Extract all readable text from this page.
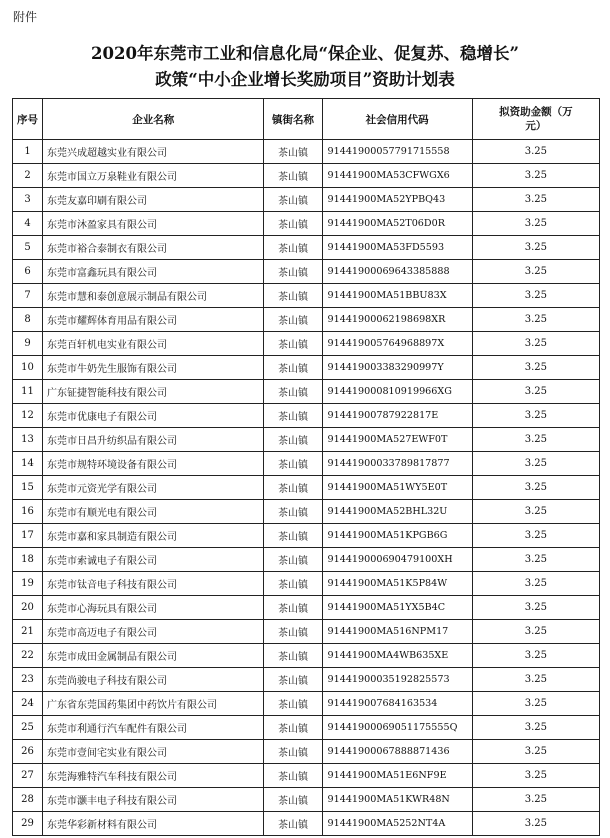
附件
2020年东莞市工业和信息化局“保企业、促复苏、稳增长”
政策“中小企业增长奖励项目”资助计划表
序号	企业名称	镇街名称	社会信用代码	拟资助金额（万元）
1	东莞兴成超越实业有限公司	茶山镇	91441900057791715558	3.25
2	东莞市国立万泉鞋业有限公司	茶山镇	91441900MA53CFWGX6	3.25
3	东莞友嘉印刷有限公司	茶山镇	91441900MA52YPBQ43	3.25
4	东莞市沐盈家具有限公司	茶山镇	91441900MA52T06D0R	3.25
5	东莞市裕合泰制衣有限公司	茶山镇	91441900MA53FD5593	3.25
6	东莞市富鑫玩具有限公司	茶山镇	91441900069643385888	3.25
7	东莞市慧和泰创意展示制品有限公司	茶山镇	91441900MA51BBU83X	3.25
8	东莞市耀辉体育用品有限公司	茶山镇	91441900062198698XR	3.25
9	东莞百轩机电实业有限公司	茶山镇	914419005764968897X	3.25
10	东莞市牛奶先生服饰有限公司	茶山镇	914419003383290997Y	3.25
11	广东钲捷智能科技有限公司	茶山镇	914419000810919966XG	3.25
12	东莞市优康电子有限公司	茶山镇	91441900787922817E	3.25
13	东莞市日昌升纺织品有限公司	茶山镇	91441900MA527EWF0T	3.25
14	东莞市规特环境设备有限公司	茶山镇	91441900033789817877	3.25
15	东莞市元资光学有限公司	茶山镇	91441900MA51WY5E0T	3.25
16	东莞市有顺光电有限公司	茶山镇	91441900MA52BHL32U	3.25
17	东莞市嘉和家具制造有限公司	茶山镇	91441900MA51KPGB6G	3.25
18	东莞市索诚电子有限公司	茶山镇	914419000690479100XH	3.25
19	东莞市钛音电子科技有限公司	茶山镇	91441900MA51K5P84W	3.25
20	东莞市心海玩具有限公司	茶山镇	91441900MA51YX5B4C	3.25
21	东莞市高迈电子有限公司	茶山镇	91441900MA516NPM17	3.25
22	东莞市成田金属制品有限公司	茶山镇	91441900MA4WB635XE	3.25
23	东莞尚骏电子科技有限公司	茶山镇	91441900035192825573	3.25
24	广东省东莞国药集团中药饮片有限公司	茶山镇	914419007684163534	3.25
25	东莞市利通行汽车配件有限公司	茶山镇	91441900069051175555Q	3.25
26	东莞市壹间宅实业有限公司	茶山镇	91441900067888871436	3.25
27	东莞海雅特汽车科技有限公司	茶山镇	91441900MA51E6NF9E	3.25
28	东莞市灏丰电子科技有限公司	茶山镇	91441900MA51KWR48N	3.25
29	东莞华彩新材料有限公司	茶山镇	91441900MA5252NT4A	3.25
